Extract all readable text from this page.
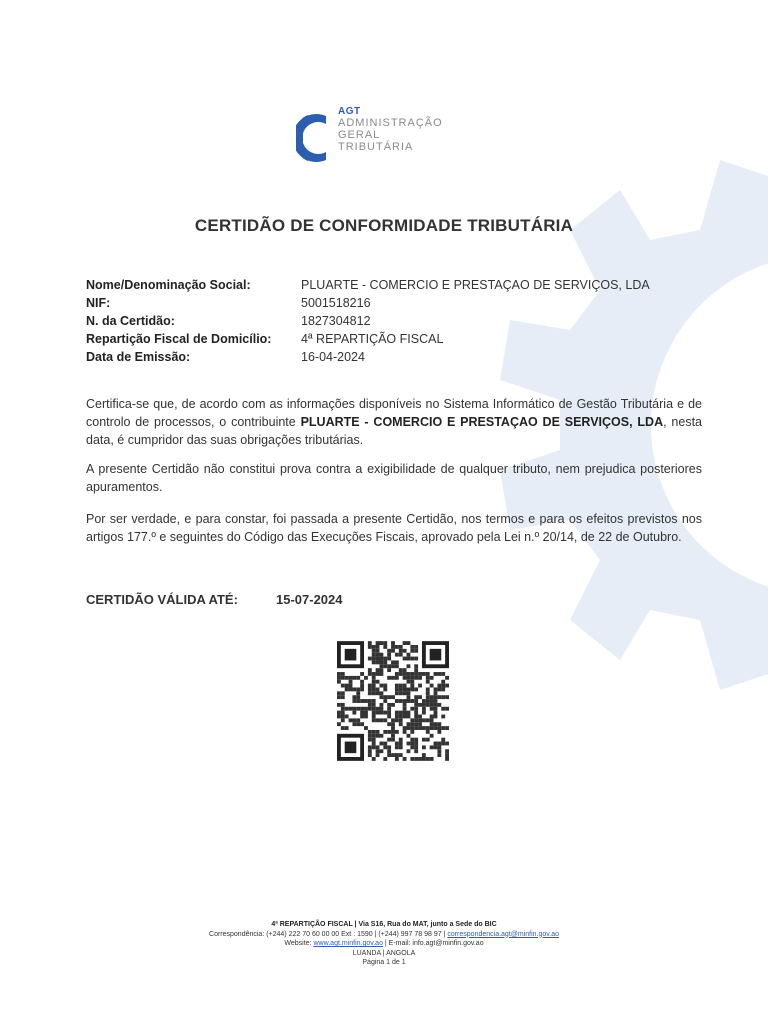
AGT
ADMINISTRAÇÃO
GERAL
TRIBUTÁRIA
CERTIDÃO DE CONFORMIDADE TRIBUTÁRIA
Nome/Denominação Social:	PLUARTE - COMERCIO E PRESTAÇAO DE SERVIÇOS, LDA
NIF:	5001518216
N. da Certidão:	1827304812
Repartição Fiscal de Domicílio:	4ª REPARTIÇÃO FISCAL
Data de Emissão:	16-04-2024
Certifica-se que, de acordo com as informações disponíveis no Sistema Informático de Gestão Tributária e de controlo de processos, o contribuinte PLUARTE - COMERCIO E PRESTAÇAO DE SERVIÇOS, LDA, nesta data, é cumpridor das suas obrigações tributárias.
A presente Certidão não constitui prova contra a exigibilidade de qualquer tributo, nem prejudica posteriores apuramentos.
Por ser verdade, e para constar, foi passada a presente Certidão, nos termos e para os efeitos previstos nos artigos 177.º e seguintes do Código das Execuções Fiscais, aprovado pela Lei n.º 20/14, de 22 de Outubro.
CERTIDÃO VÁLIDA ATÉ:	15-07-2024
4ª REPARTIÇÃO FISCAL | Via S16, Rua do MAT, junto a Sede do BIC
Correspondência: (+244) 222 70 60 00 00 Ext : 1590 | (+244) 997 78 98 97 | correspondencia.agt@minfin.gov.ao
Website: www.agt.minfin.gov.ao | E-mail: info.agt@minfin.gov.ao
LUANDA | ANGOLA
Página 1 de 1
